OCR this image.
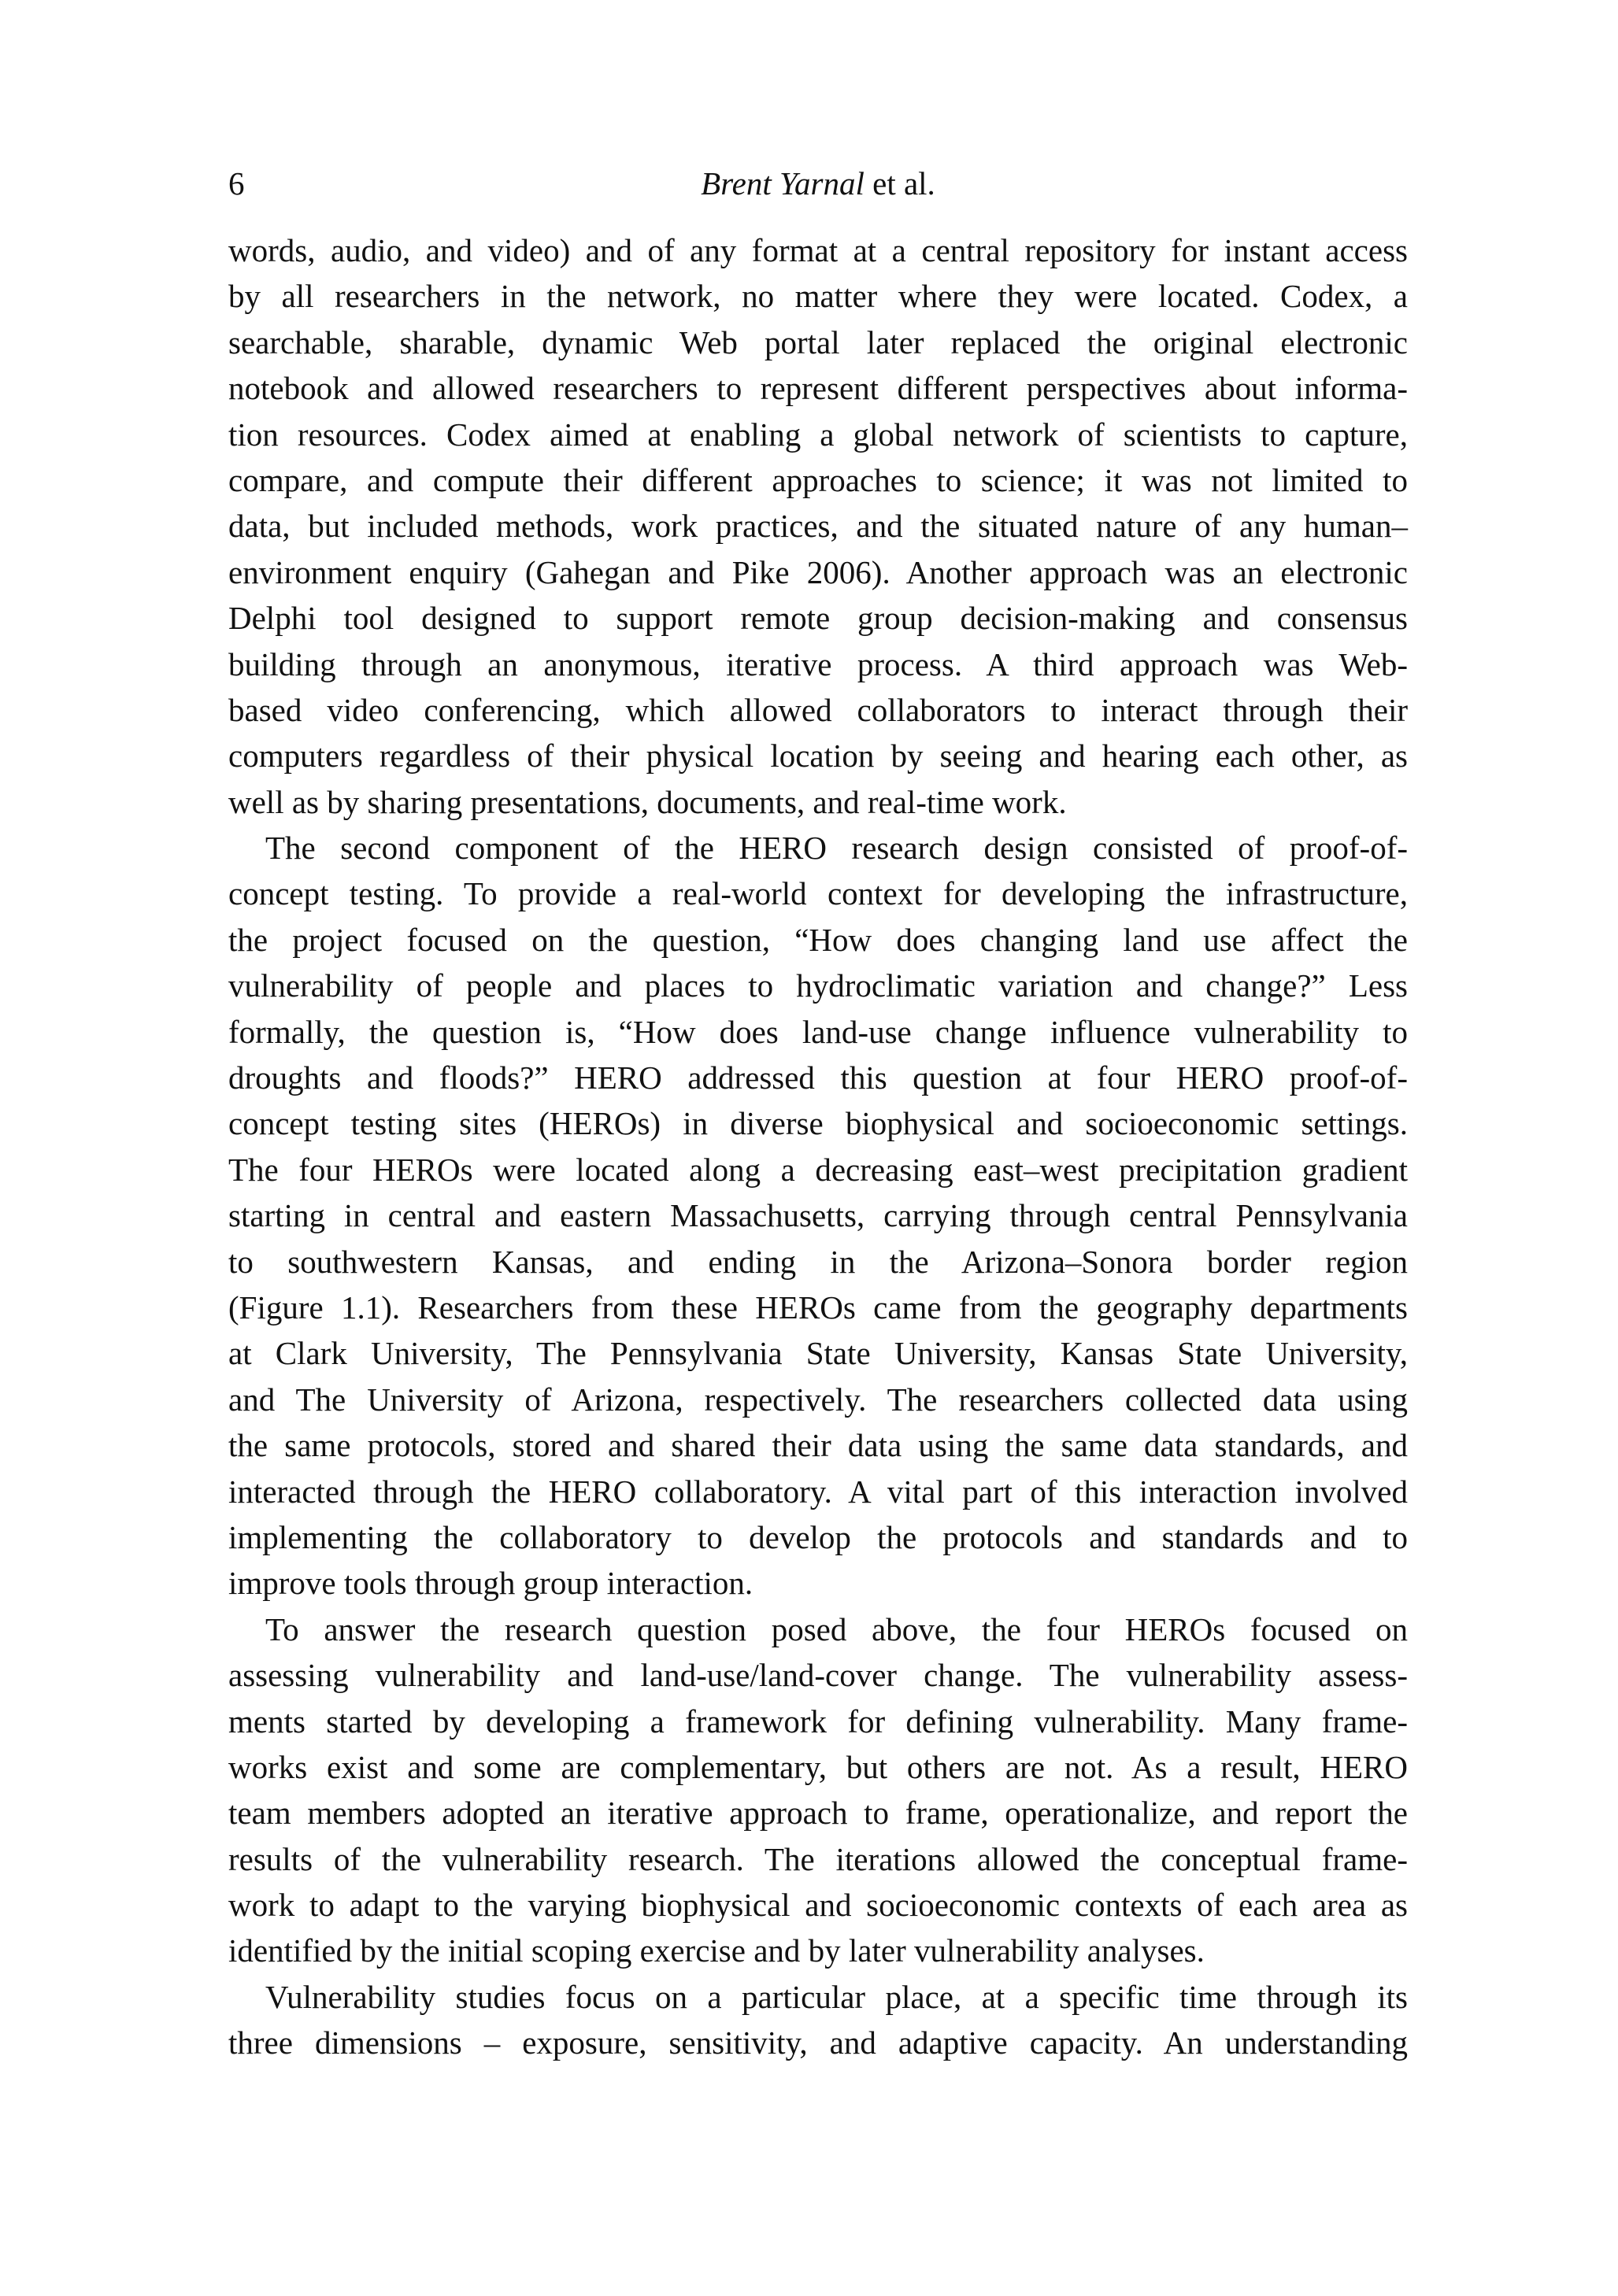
6	Brent Yarnal et al.
words, audio, and video) and of any format at a central repository for instant access
by all researchers in the network, no matter where they were located. Codex, a
searchable, sharable, dynamic Web portal later replaced the original electronic
notebook and allowed researchers to represent different perspectives about informa-
tion resources. Codex aimed at enabling a global network of scientists to capture,
compare, and compute their different approaches to science; it was not limited to
data, but included methods, work practices, and the situated nature of any human–
environment enquiry (Gahegan and Pike 2006). Another approach was an electronic
Delphi tool designed to support remote group decision-making and consensus
building through an anonymous, iterative process. A third approach was Web-
based video conferencing, which allowed collaborators to interact through their
computers regardless of their physical location by seeing and hearing each other, as
well as by sharing presentations, documents, and real-time work.
The second component of the HERO research design consisted of proof-of-
concept testing. To provide a real-world context for developing the infrastructure,
the project focused on the question, “How does changing land use affect the
vulnerability of people and places to hydroclimatic variation and change?” Less
formally, the question is, “How does land-use change influence vulnerability to
droughts and floods?” HERO addressed this question at four HERO proof-of-
concept testing sites (HEROs) in diverse biophysical and socioeconomic settings.
The four HEROs were located along a decreasing east–west precipitation gradient
starting in central and eastern Massachusetts, carrying through central Pennsylvania
to southwestern Kansas, and ending in the Arizona–Sonora border region
(Figure 1.1). Researchers from these HEROs came from the geography departments
at Clark University, The Pennsylvania State University, Kansas State University,
and The University of Arizona, respectively. The researchers collected data using
the same protocols, stored and shared their data using the same data standards, and
interacted through the HERO collaboratory. A vital part of this interaction involved
implementing the collaboratory to develop the protocols and standards and to
improve tools through group interaction.
To answer the research question posed above, the four HEROs focused on
assessing vulnerability and land-use/land-cover change. The vulnerability assess-
ments started by developing a framework for defining vulnerability. Many frame-
works exist and some are complementary, but others are not. As a result, HERO
team members adopted an iterative approach to frame, operationalize, and report the
results of the vulnerability research. The iterations allowed the conceptual frame-
work to adapt to the varying biophysical and socioeconomic contexts of each area as
identified by the initial scoping exercise and by later vulnerability analyses.
Vulnerability studies focus on a particular place, at a specific time through its
three dimensions – exposure, sensitivity, and adaptive capacity. An understanding
